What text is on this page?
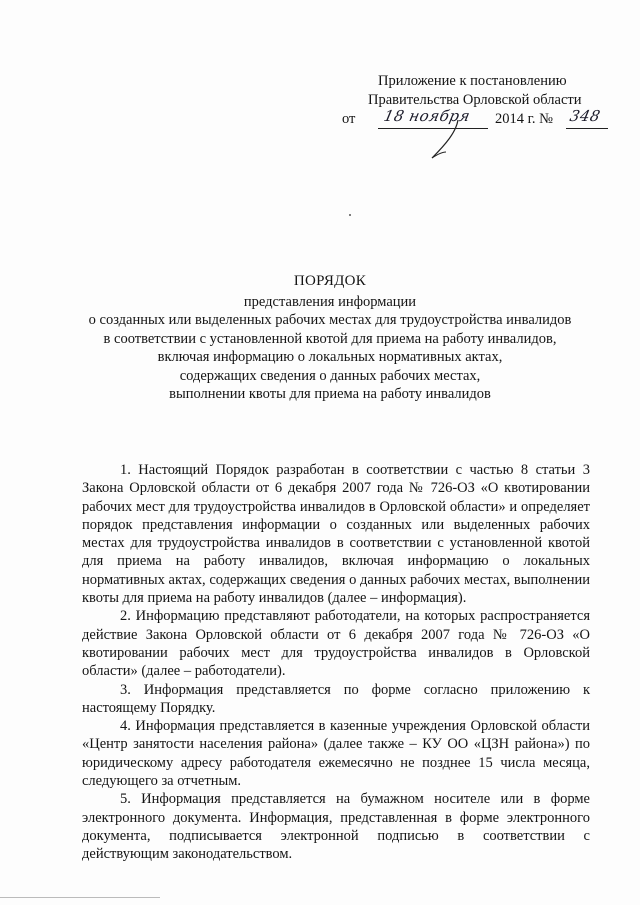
Приложение к постановлению
Правительства Орловской области
от 18 ноября 2014 г. № 348
ПОРЯДОК
представления информации
о созданных или выделенных рабочих местах для трудоустройства инвалидов
в соответствии с установленной квотой для приема на работу инвалидов,
включая информацию о локальных нормативных актах,
содержащих сведения о данных рабочих местах,
выполнении квоты для приема на работу инвалидов

1. Настоящий Порядок разработан в соответствии с частью 8 статьи 3 Закона Орловской области от 6 декабря 2007 года № 726-ОЗ «О квотировании рабочих мест для трудоустройства инвалидов в Орловской области» и определяет порядок представления информации о созданных или выделенных рабочих местах для трудоустройства инвалидов в соответствии с установленной квотой для приема на работу инвалидов, включая информацию о локальных нормативных актах, содержащих сведения о данных рабочих местах, выполнении квоты для приема на работу инвалидов (далее – информация).

2. Информацию представляют работодатели, на которых распространяется действие Закона Орловской области от 6 декабря 2007 года № 726-ОЗ «О квотировании рабочих мест для трудоустройства инвалидов в Орловской области» (далее – работодатели).

3. Информация представляется по форме согласно приложению к настоящему Порядку.

4. Информация представляется в казенные учреждения Орловской области «Центр занятости населения района» (далее также – КУ ОО «ЦЗН района») по юридическому адресу работодателя ежемесячно не позднее 15 числа месяца, следующего за отчетным.

5. Информация представляется на бумажном носителе или в форме электронного документа. Информация, представленная в форме электронного документа, подписывается электронной подписью в соответствии с действующим законодательством.
